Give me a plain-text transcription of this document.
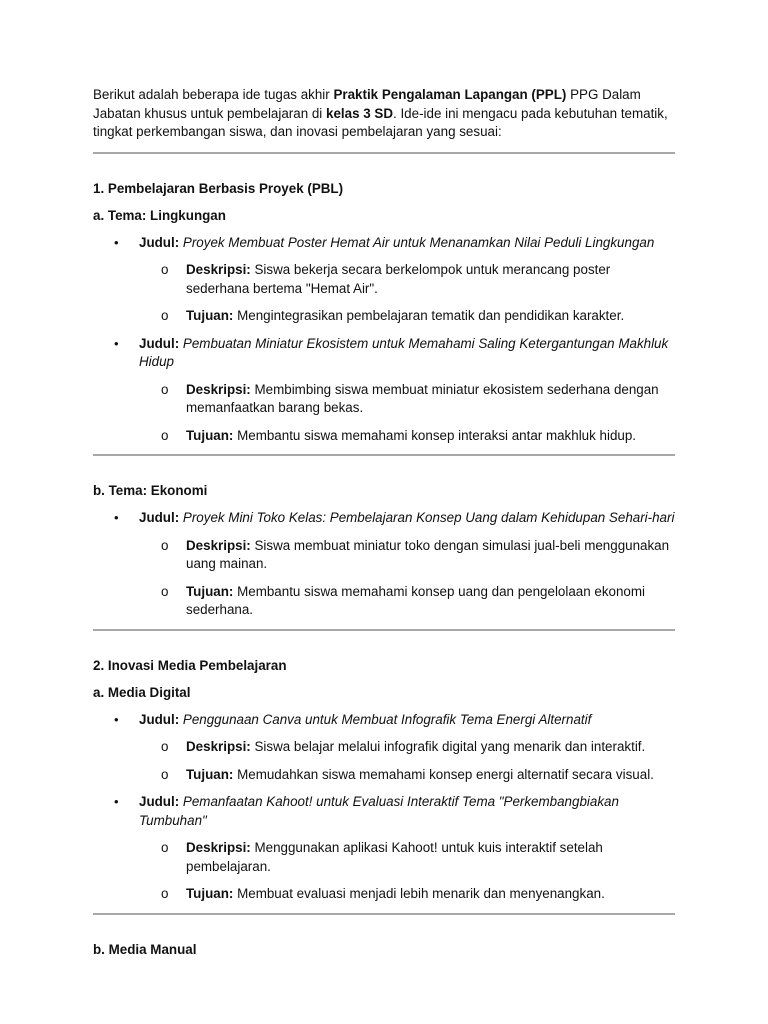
Berikut adalah beberapa ide tugas akhir Praktik Pengalaman Lapangan (PPL) PPG Dalam Jabatan khusus untuk pembelajaran di kelas 3 SD. Ide-ide ini mengacu pada kebutuhan tematik, tingkat perkembangan siswa, dan inovasi pembelajaran yang sesuai:

1. Pembelajaran Berbasis Proyek (PBL)

a. Tema: Lingkungan

• Judul: Proyek Membuat Poster Hemat Air untuk Menanamkan Nilai Peduli Lingkungan
o Deskripsi: Siswa bekerja secara berkelompok untuk merancang poster sederhana bertema "Hemat Air".
o Tujuan: Mengintegrasikan pembelajaran tematik dan pendidikan karakter.
• Judul: Pembuatan Miniatur Ekosistem untuk Memahami Saling Ketergantungan Makhluk Hidup
o Deskripsi: Membimbing siswa membuat miniatur ekosistem sederhana dengan memanfaatkan barang bekas.
o Tujuan: Membantu siswa memahami konsep interaksi antar makhluk hidup.

b. Tema: Ekonomi

• Judul: Proyek Mini Toko Kelas: Pembelajaran Konsep Uang dalam Kehidupan Sehari-hari
o Deskripsi: Siswa membuat miniatur toko dengan simulasi jual-beli menggunakan uang mainan.
o Tujuan: Membantu siswa memahami konsep uang dan pengelolaan ekonomi sederhana.

2. Inovasi Media Pembelajaran

a. Media Digital

• Judul: Penggunaan Canva untuk Membuat Infografik Tema Energi Alternatif
o Deskripsi: Siswa belajar melalui infografik digital yang menarik dan interaktif.
o Tujuan: Memudahkan siswa memahami konsep energi alternatif secara visual.
• Judul: Pemanfaatan Kahoot! untuk Evaluasi Interaktif Tema "Perkembangbiakan Tumbuhan"
o Deskripsi: Menggunakan aplikasi Kahoot! untuk kuis interaktif setelah pembelajaran.
o Tujuan: Membuat evaluasi menjadi lebih menarik dan menyenangkan.

b. Media Manual
